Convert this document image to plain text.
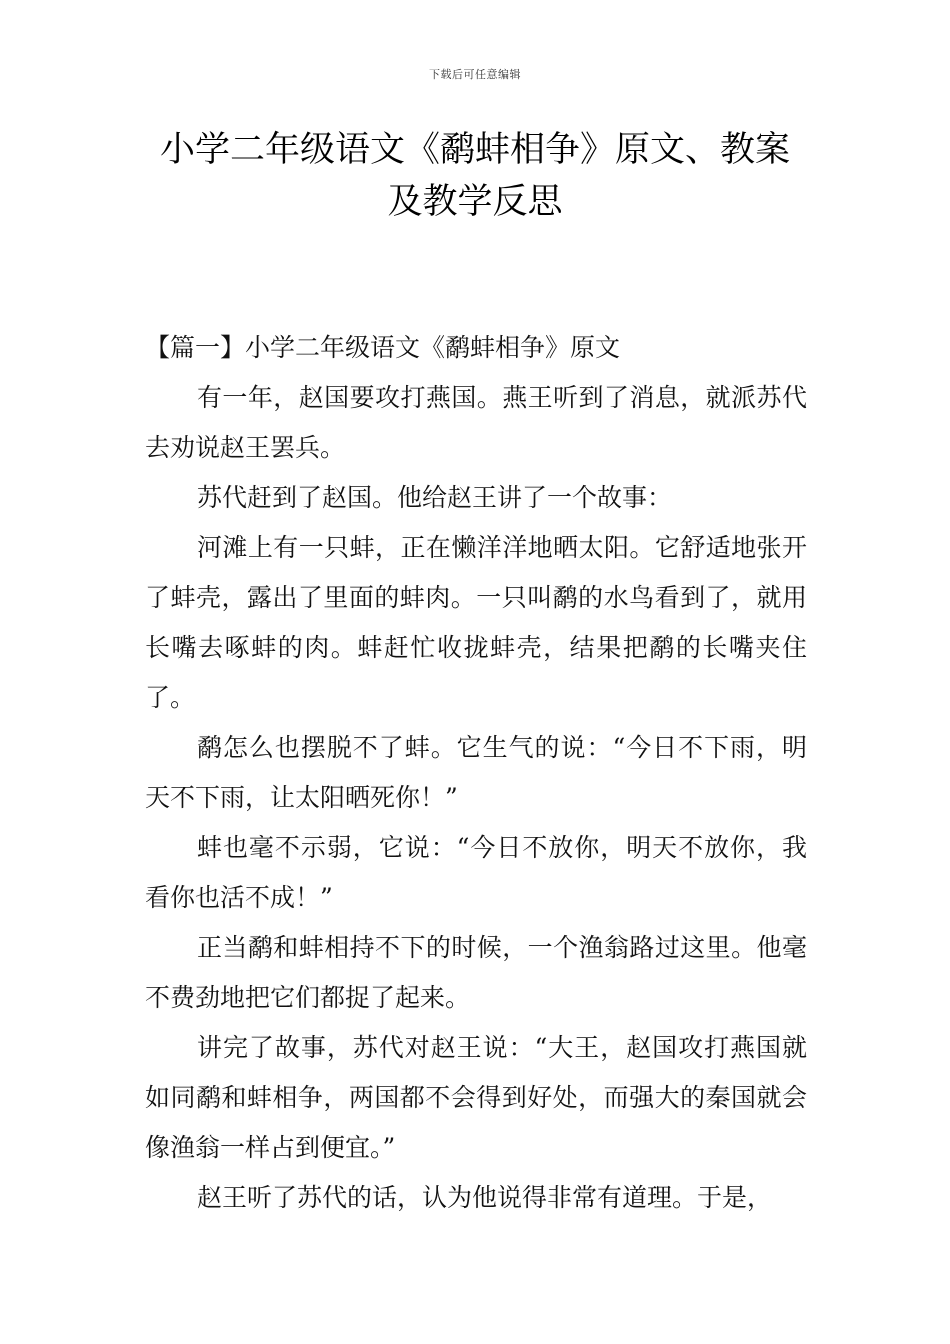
下载后可任意编辑
小学二年级语文《鹬蚌相争》原文、教案
及教学反思
【篇一】小学二年级语文《鹬蚌相争》原文

有一年，赵国要攻打燕国。燕王听到了消息，就派苏代去劝说赵王罢兵。

苏代赶到了赵国。他给赵王讲了一个故事：

河滩上有一只蚌，正在懒洋洋地晒太阳。它舒适地张开了蚌壳，露出了里面的蚌肉。一只叫鹬的水鸟看到了，就用长嘴去啄蚌的肉。蚌赶忙收拢蚌壳，结果把鹬的长嘴夹住了。

鹬怎么也摆脱不了蚌。它生气的说：“今日不下雨，明天不下雨，让太阳晒死你！”

蚌也毫不示弱，它说：“今日不放你，明天不放你，我看你也活不成！”

正当鹬和蚌相持不下的时候，一个渔翁路过这里。他毫不费劲地把它们都捉了起来。

讲完了故事，苏代对赵王说：“大王，赵国攻打燕国就如同鹬和蚌相争，两国都不会得到好处，而强大的秦国就会像渔翁一样占到便宜。”

赵王听了苏代的话，认为他说得非常有道理。于是，
